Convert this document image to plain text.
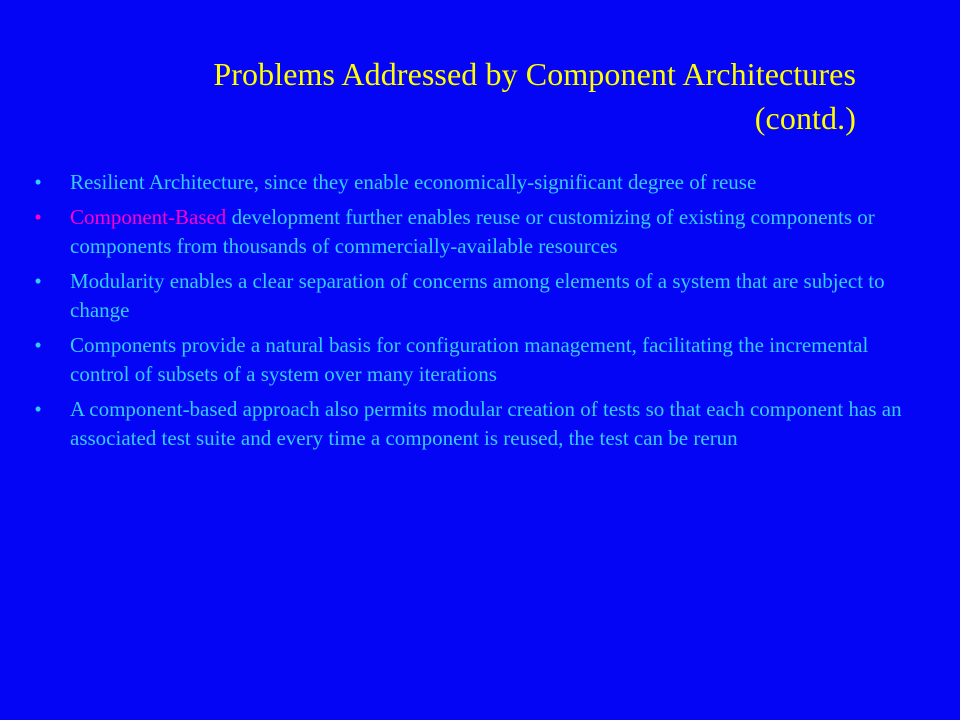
Problems Addressed by Component Architectures
(contd.)
• Resilient Architecture, since they enable economically-significant degree of reuse
• Component-Based development further enables reuse or customizing of existing components or components from thousands of commercially-available resources
• Modularity enables a clear separation of concerns among elements of a system that are subject to change
• Components provide a natural basis for configuration management, facilitating the incremental control of subsets of a system over many iterations
• A component-based approach also permits modular creation of tests so that each component has an associated test suite and every time a component is reused, the test can be rerun
